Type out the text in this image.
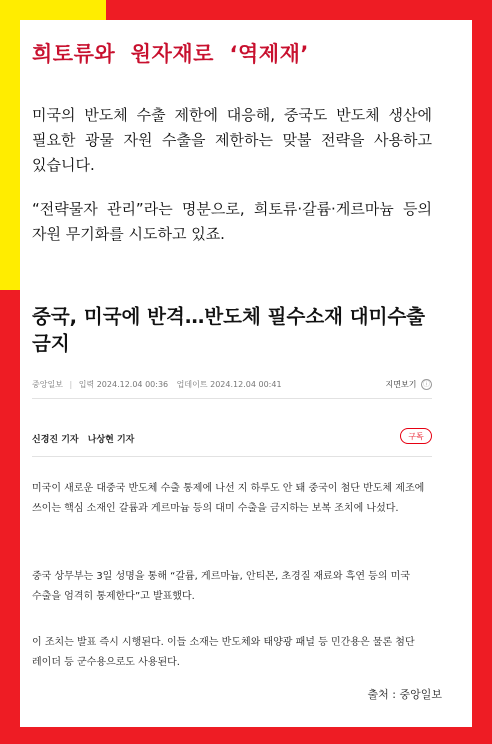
희토류와  원자재로  ‘역제재’

미국의 반도체 수출 제한에 대응해, 중국도 반도체 생산에 필요한 광물 자원 수출을 제한하는 맞불 전략을 사용하고 있습니다.

“전략물자 관리”라는 명분으로, 희토류·갈륨·게르마늄 등의 자원 무기화를 시도하고 있죠.

중국, 미국에 반격…반도체 필수소재 대미수출 금지
중앙일보 | 입력 2024.12.04 00:36 업데이트 2024.12.04 00:41	지면보기 ⓘ
신경진 기자 나상현 기자	구독

미국이 새로운 대중국 반도체 수출 통제에 나선 지 하루도 안 돼 중국이 첨단 반도체 제조에 쓰이는 핵심 소재인 갈륨과 게르마늄 등의 대미 수출을 금지하는 보복 조치에 나섰다.

중국 상무부는 3일 성명을 통해 “갈륨, 게르마늄, 안티몬, 초경질 재료와 흑연 등의 미국 수출을 엄격히 통제한다”고 발표했다.

이 조치는 발표 즉시 시행된다. 이들 소재는 반도체와 태양광 패널 등 민간용은 물론 첨단 레이더 등 군수용으로도 사용된다.

출처 : 중앙일보
